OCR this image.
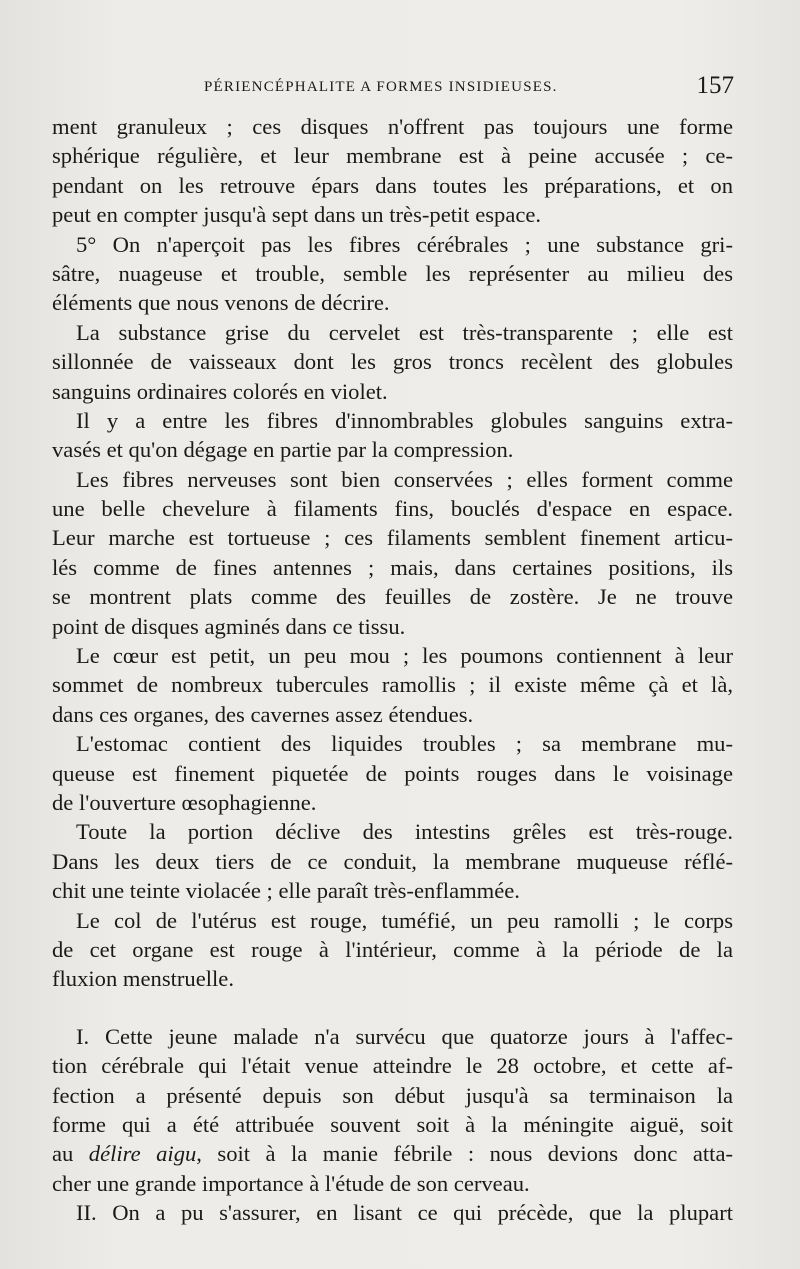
PÉRIENCÉPHALITE A FORMES INSIDIEUSES.	157
ment granuleux ; ces disques n'offrent pas toujours une forme
sphérique régulière, et leur membrane est à peine accusée ; ce-
pendant on les retrouve épars dans toutes les préparations, et on
peut en compter jusqu'à sept dans un très-petit espace.
5° On n'aperçoit pas les fibres cérébrales ; une substance gri-
sâtre, nuageuse et trouble, semble les représenter au milieu des
éléments que nous venons de décrire.
La substance grise du cervelet est très-transparente ; elle est
sillonnée de vaisseaux dont les gros troncs recèlent des globules
sanguins ordinaires colorés en violet.
Il y a entre les fibres d'innombrables globules sanguins extra-
vasés et qu'on dégage en partie par la compression.
Les fibres nerveuses sont bien conservées ; elles forment comme
une belle chevelure à filaments fins, bouclés d'espace en espace.
Leur marche est tortueuse ; ces filaments semblent finement articu-
lés comme de fines antennes ; mais, dans certaines positions, ils
se montrent plats comme des feuilles de zostère. Je ne trouve
point de disques agminés dans ce tissu.
Le cœur est petit, un peu mou ; les poumons contiennent à leur
sommet de nombreux tubercules ramollis ; il existe même çà et là,
dans ces organes, des cavernes assez étendues.
L'estomac contient des liquides troubles ; sa membrane mu-
queuse est finement piquetée de points rouges dans le voisinage
de l'ouverture œsophagienne.
Toute la portion déclive des intestins grêles est très-rouge.
Dans les deux tiers de ce conduit, la membrane muqueuse réflé-
chit une teinte violacée ; elle paraît très-enflammée.
Le col de l'utérus est rouge, tuméfié, un peu ramolli ; le corps
de cet organe est rouge à l'intérieur, comme à la période de la
fluxion menstruelle.
I. Cette jeune malade n'a survécu que quatorze jours à l'affec-
tion cérébrale qui l'était venue atteindre le 28 octobre, et cette af-
fection a présenté depuis son début jusqu'à sa terminaison la
forme qui a été attribuée souvent soit à la méningite aiguë, soit
au délire aigu, soit à la manie fébrile : nous devions donc atta-
cher une grande importance à l'étude de son cerveau.
II. On a pu s'assurer, en lisant ce qui précède, que la plupart
